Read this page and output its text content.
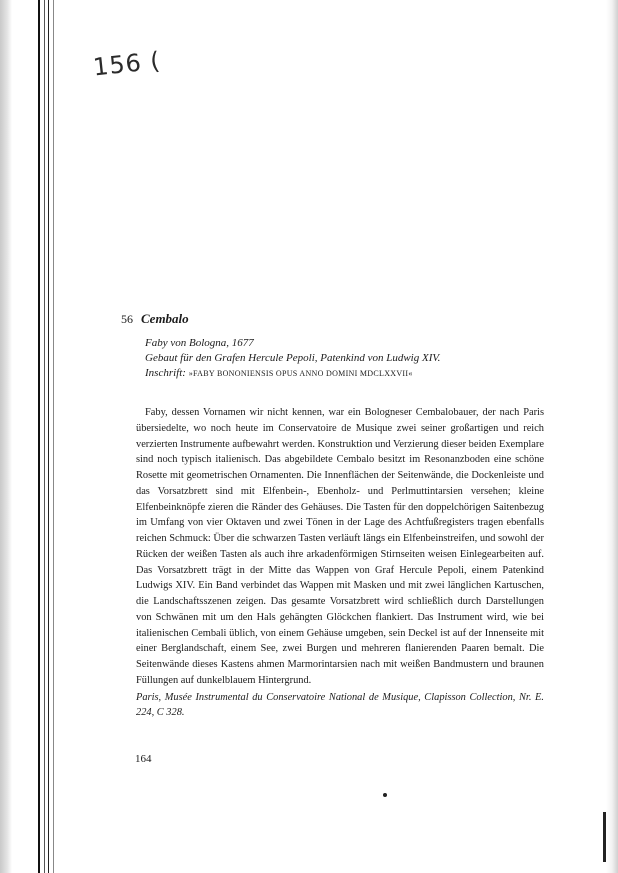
156 (
56 Cembalo
Faby von Bologna, 1677
Gebaut für den Grafen Hercule Pepoli, Patenkind von Ludwig XIV.
Inschrift: »FABY BONONIENSIS OPUS ANNO DOMINI MDCLXXVII«

Faby, dessen Vornamen wir nicht kennen, war ein Bologneser Cembalobauer, der nach Paris übersiedelte, wo noch heute im Conservatoire de Musique zwei seiner großartigen und reich verzierten Instrumente aufbewahrt werden. Konstruktion und Verzierung dieser beiden Exemplare sind noch typisch italienisch. Das abgebildete Cembalo besitzt im Resonanzboden eine schöne Rosette mit geometrischen Ornamenten. Die Innenflächen der Seitenwände, die Dockenleiste und das Vorsatzbrett sind mit Elfenbein-, Ebenholz- und Perlmuttintarsien versehen; kleine Elfenbeinknöpfe zieren die Ränder des Gehäuses. Die Tasten für den doppelchörigen Saitenbezug im Umfang von vier Oktaven und zwei Tönen in der Lage des Achtfußregisters tragen ebenfalls reichen Schmuck: Über die schwarzen Tasten verläuft längs ein Elfenbeinstreifen, und sowohl der Rücken der weißen Tasten als auch ihre arkadenförmigen Stirnseiten weisen Einlegearbeiten auf. Das Vorsatzbrett trägt in der Mitte das Wappen von Graf Hercule Pepoli, einem Patenkind Ludwigs XIV. Ein Band verbindet das Wappen mit Masken und mit zwei länglichen Kartuschen, die Landschaftsszenen zeigen. Das gesamte Vorsatzbrett wird schließlich durch Darstellungen von Schwänen mit um den Hals gehängten Glöckchen flankiert. Das Instrument wird, wie bei italienischen Cembali üblich, von einem Gehäuse umgeben, sein Deckel ist auf der Innenseite mit einer Berglandschaft, einem See, zwei Burgen und mehreren flanierenden Paaren bemalt. Die Seitenwände dieses Kastens ahmen Marmorintarsien nach mit weißen Bandmustern und braunen Füllungen auf dunkelblauem Hintergrund.

Paris, Musée Instrumental du Conservatoire National de Musique, Clapisson Collection, Nr. E. 224, C 328.

164
